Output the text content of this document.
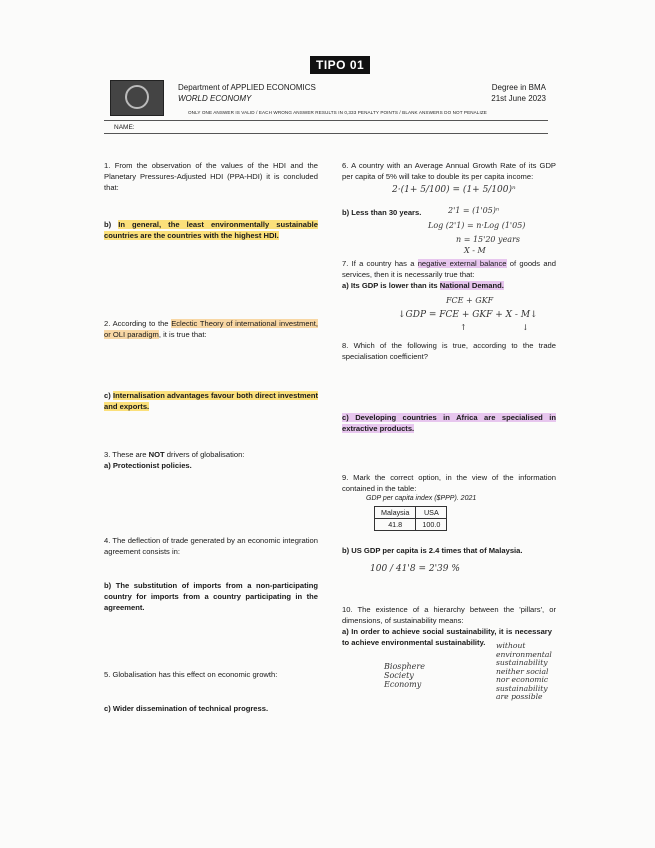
TIPO 01
Department of APPLIED ECONOMICS
WORLD ECONOMY
Degree in BMA
21st June 2023
ONLY ONE ANSWER IS VALID / EACH WRONG ANSWER RESULTS IN 0,333 PENALTY POINTS / BLANK ANSWERS DO NOT PENALIZE
NAME:
1. From the observation of the values of the HDI and the Planetary Pressures-Adjusted HDI (PPA-HDI) it is concluded that:
b) In general, the least environmentally sustainable countries are the countries with the highest HDI.
2. According to the Eclectic Theory of international investment, or OLI paradigm, it is true that:
c) Internalisation advantages favour both direct investment and exports.
3. These are NOT drivers of globalisation:
a) Protectionist policies.
4. The deflection of trade generated by an economic integration agreement consists in:
b) The substitution of imports from a non-participating country for imports from a country participating in the agreement.
5. Globalisation has this effect on economic growth:
c) Wider dissemination of technical progress.
6. A country with an Average Annual Growth Rate of its GDP per capita of 5% will take to double its per capita income:
b) Less than 30 years.
7. If a country has a negative external balance of goods and services, then it is necessarily true that:
a) Its GDP is lower than its National Demand.
8. Which of the following is true, according to the trade specialisation coefficient?
c) Developing countries in Africa are specialised in extractive products.
9. Mark the correct option, in the view of the information contained in the table:
GDP per capita index ($PPP). 2021
Malaysia	USA
41.8	100.0
b) US GDP per capita is 2.4 times that of Malaysia.
10. The existence of a hierarchy between the 'pillars', or dimensions, of sustainability means:
a) In order to achieve social sustainability, it is necessary to achieve environmental sustainability.
2·(1+ 5/100) = (1+ 5/100)ⁿ
2'1 = (1'05)ⁿ
Log (2'1) = n·Log (1'05)
n = 15'20 years
X - M
FCE + GKF
↓GDP = FCE + GKF + X - M↓
↑	↓
100 / 41'8 = 2'39 %
Biosphere
Society
Economy
without
environmental
sustainability
neither social
nor economic
sustainability
are possible
